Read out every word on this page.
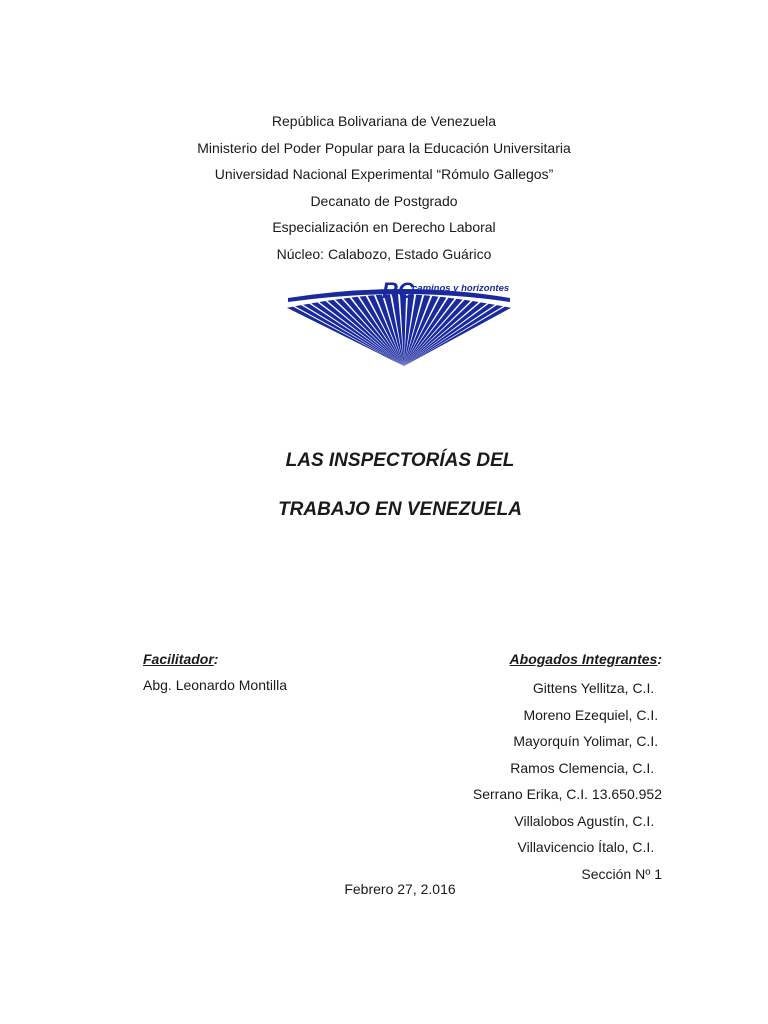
República Bolivariana de Venezuela
Ministerio del Poder Popular para la Educación Universitaria
Universidad Nacional Experimental “Rómulo Gallegos”
Decanato de Postgrado
Especialización en Derecho Laboral
Núcleo: Calabozo, Estado Guárico
RG
caminos y horizontes
LAS INSPECTORÍAS DEL
TRABAJO EN VENEZUELA
Facilitador:
Abg. Leonardo Montilla
Abogados Integrantes:
Gittens Yellitza, C.I.
Moreno Ezequiel, C.I.
Mayorquín Yolimar, C.I.
Ramos Clemencia, C.I.
Serrano Erika, C.I. 13.650.952
Villalobos Agustín, C.I.
Villavicencio Ítalo, C.I.
Sección Nº 1
Febrero 27, 2.016
